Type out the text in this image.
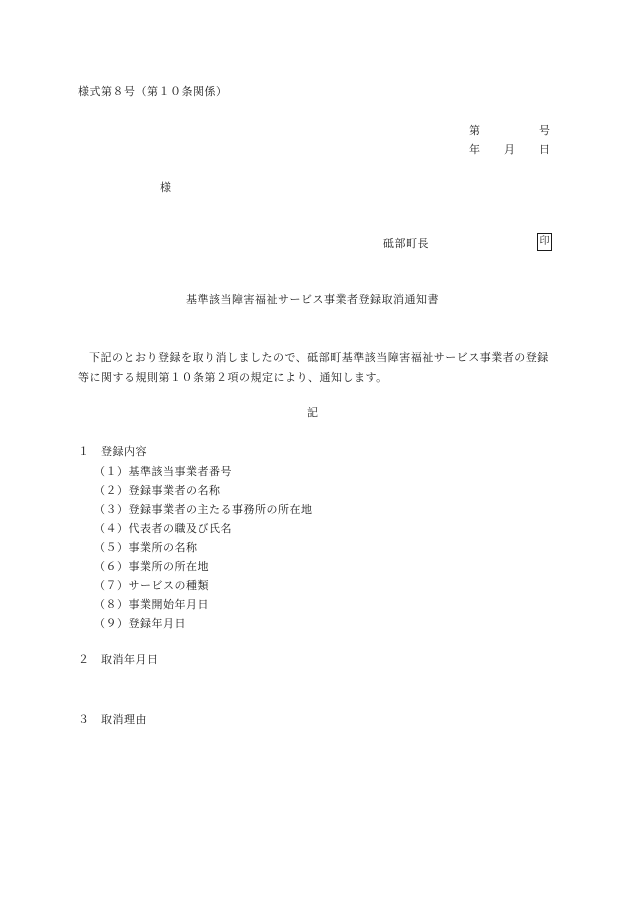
様式第８号（第１０条関係）
第	号
年 月 日
様
砥部町長	印
基準該当障害福祉サービス事業者登録取消通知書
下記のとおり登録を取り消しましたので、砥部町基準該当障害福祉サービス事業者の登録等に関する規則第１０条第２項の規定により、通知します。
記
１　登録内容
（１）基準該当事業者番号
（２）登録事業者の名称
（３）登録事業者の主たる事務所の所在地
（４）代表者の職及び氏名
（５）事業所の名称
（６）事業所の所在地
（７）サービスの種類
（８）事業開始年月日
（９）登録年月日
２　取消年月日
３　取消理由
